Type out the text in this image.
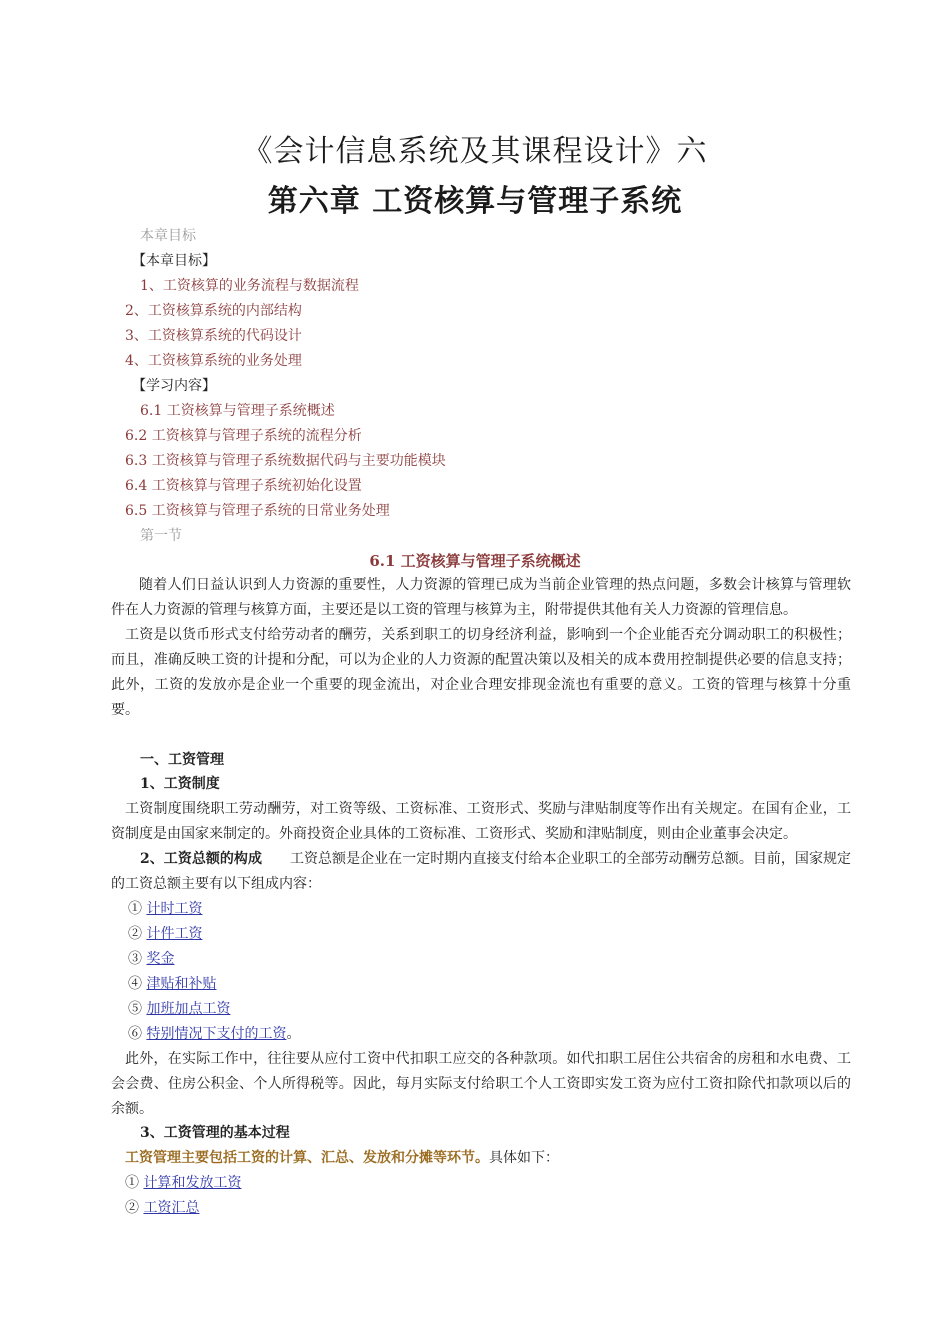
《会计信息系统及其课程设计》六
第六章 工资核算与管理子系统
本章目标
【本章目标】
1、工资核算的业务流程与数据流程
2、工资核算系统的内部结构
3、工资核算系统的代码设计
4、工资核算系统的业务处理
【学习内容】
6.1 工资核算与管理子系统概述
6.2 工资核算与管理子系统的流程分析
6.3 工资核算与管理子系统数据代码与主要功能模块
6.4 工资核算与管理子系统初始化设置
6.5 工资核算与管理子系统的日常业务处理
第一节
6.1 工资核算与管理子系统概述
随着人们日益认识到人力资源的重要性，人力资源的管理已成为当前企业管理的热点问题，多数会计核算与管理软件在人力资源的管理与核算方面，主要还是以工资的管理与核算为主，附带提供其他有关人力资源的管理信息。
工资是以货币形式支付给劳动者的酬劳，关系到职工的切身经济利益，影响到一个企业能否充分调动职工的积极性；而且，准确反映工资的计提和分配，可以为企业的人力资源的配置决策以及相关的成本费用控制提供必要的信息支持；此外，工资的发放亦是企业一个重要的现金流出，对企业合理安排现金流也有重要的意义。工资的管理与核算十分重要。
一、工资管理
1、工资制度
工资制度围绕职工劳动酬劳，对工资等级、工资标准、工资形式、奖励与津贴制度等作出有关规定。在国有企业，工资制度是由国家来制定的。外商投资企业具体的工资标准、工资形式、奖励和津贴制度，则由企业董事会决定。
2、工资总额的构成 工资总额是企业在一定时期内直接支付给本企业职工的全部劳动酬劳总额。目前，国家规定的工资总额主要有以下组成内容：
① 计时工资
② 计件工资
③ 奖金
④ 津贴和补贴
⑤ 加班加点工资
⑥ 特别情况下支付的工资。
此外，在实际工作中，往往要从应付工资中代扣职工应交的各种款项。如代扣职工居住公共宿舍的房租和水电费、工会会费、住房公积金、个人所得税等。因此，每月实际支付给职工个人工资即实发工资为应付工资扣除代扣款项以后的余额。
3、工资管理的基本过程
工资管理主要包括工资的计算、汇总、发放和分摊等环节。具体如下：
① 计算和发放工资
② 工资汇总
